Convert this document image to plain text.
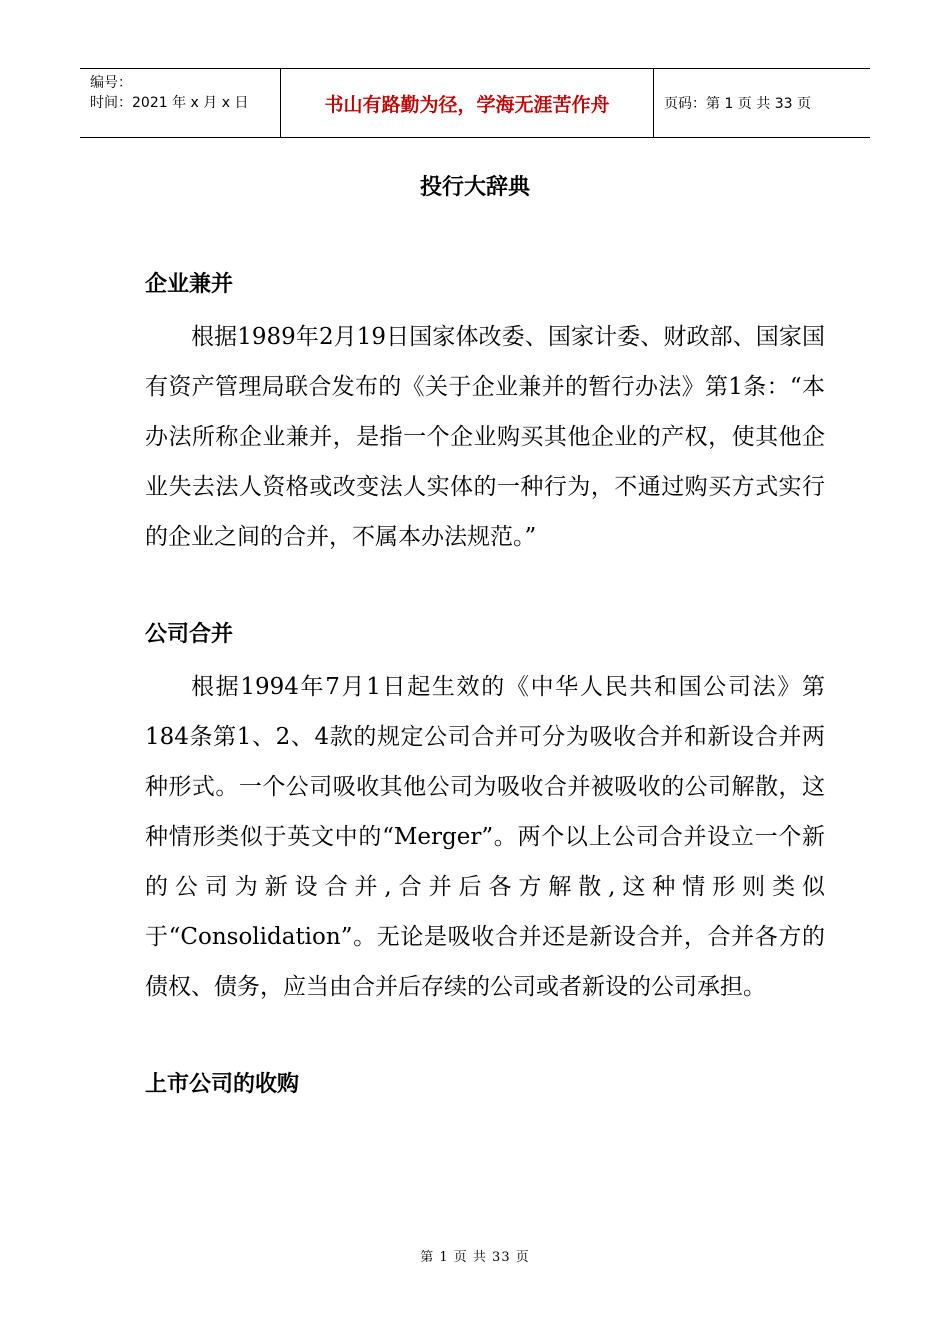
编号：
时间：2021 年 x 月 x 日	书山有路勤为径，学海无涯苦作舟	页码：第 1 页 共 33 页
投行大辞典
企业兼并

根据1989年2月19日国家体改委、国家计委、财政部、国家国有资产管理局联合发布的《关于企业兼并的暂行办法》第1条：“本办法所称企业兼并，是指一个企业购买其他企业的产权，使其他企业失去法人资格或改变法人实体的一种行为，不通过购买方式实行的企业之间的合并，不属本办法规范。”

公司合并

根据1994年7月1日起生效的《中华人民共和国公司法》第184条第1、2、4款的规定公司合并可分为吸收合并和新设合并两种形式。一个公司吸收其他公司为吸收合并被吸收的公司解散，这种情形类似于英文中的“Merger”。两个以上公司合并设立一个新的公司为新设合并,合并后各方解散,这种情形则类似于“Consolidation”。无论是吸收合并还是新设合并，合并各方的债权、债务，应当由合并后存续的公司或者新设的公司承担。

上市公司的收购
第 1 页 共 33 页
